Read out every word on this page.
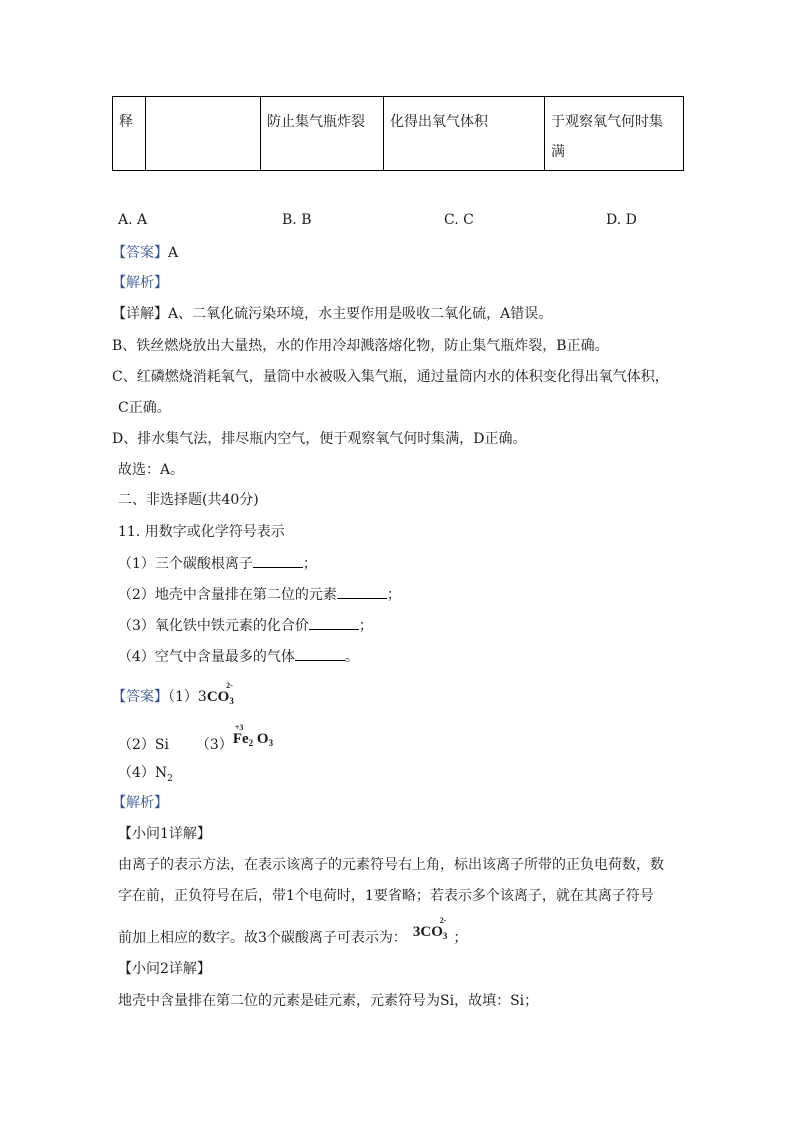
释		防止集气瓶炸裂	化得出氧气体积	于观察氧气何时集满
A. A	B. B	C. C	D. D
【答案】A
【解析】
【详解】A、二氧化硫污染环境，水主要作用是吸收二氧化硫，A错误。
B、铁丝燃烧放出大量热，水的作用冷却溅落熔化物，防止集气瓶炸裂，B正确。
C、红磷燃烧消耗氧气，量筒中水被吸入集气瓶，通过量筒内水的体积变化得出氧气体积，
C正确。
D、排水集气法，排尽瓶内空气，便于观察氧气何时集满，D正确。
故选：A。
二、非选择题(共40分)
11. 用数字或化学符号表示
（1）三个碳酸根离子	；
（2）地壳中含量排在第二位的元素	；
（3）氧化铁中铁元素的化合价	；
（4）空气中含量最多的气体	。
【答案】$(1)3CO_3$
2-
（2）Si （3）
+3
$Fe_2$ $O_3$
$(4)N_2$
【解析】
【小问1详解】
由离子的表示方法，在表示该离子的元素符号右上角，标出该离子所带的正负电荷数，数
字在前，正负符号在后，带1个电荷时，1要省略；若表示多个该离子，就在其离子符号
前加上相应的数字。故3个碳酸离子可表示为： $3CO_3$
2-
；
【小问2详解】
地壳中含量排在第二位的元素是硅元素，元素符号为Si，故填：Si；
